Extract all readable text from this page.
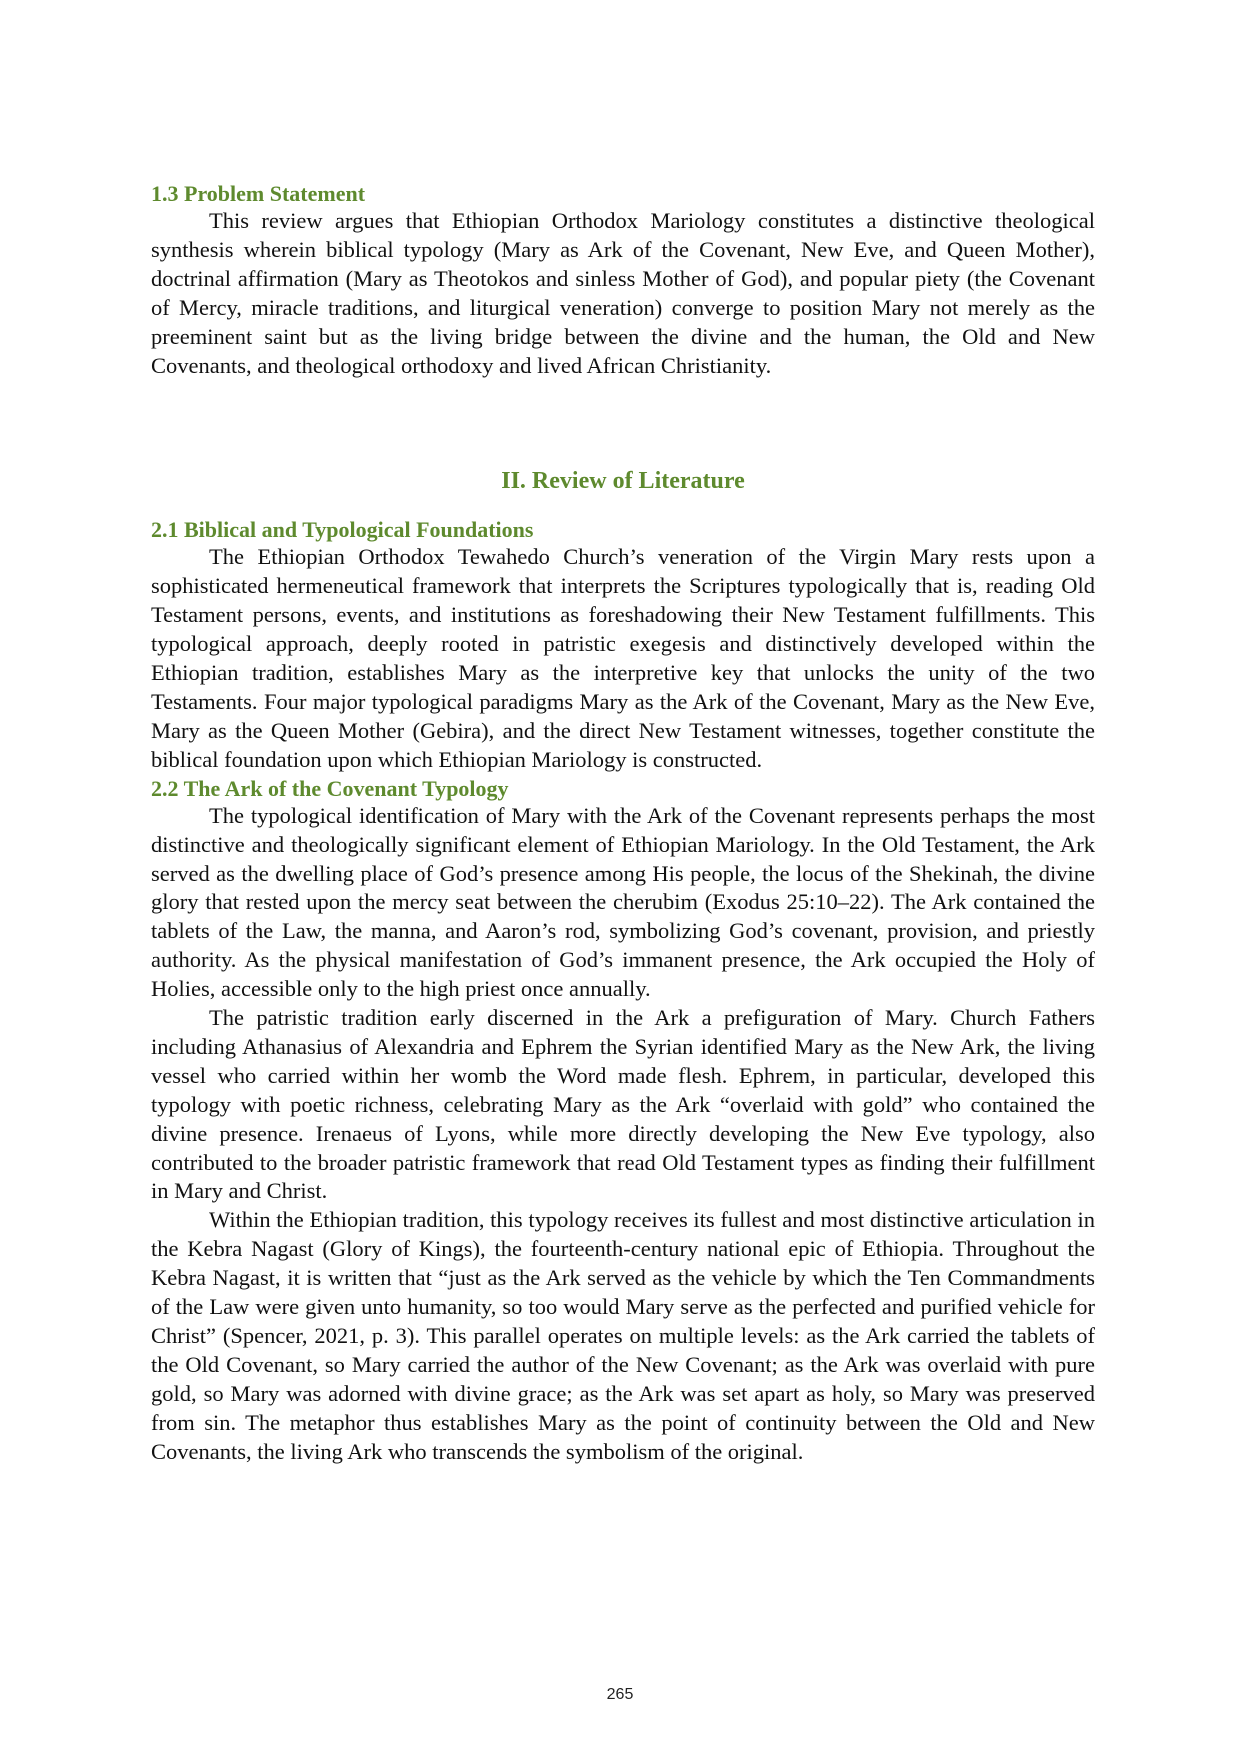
1.3 Problem Statement

This review argues that Ethiopian Orthodox Mariology constitutes a distinctive theological synthesis wherein biblical typology (Mary as Ark of the Covenant, New Eve, and Queen Mother), doctrinal affirmation (Mary as Theotokos and sinless Mother of God), and popular piety (the Covenant of Mercy, miracle traditions, and liturgical veneration) converge to position Mary not merely as the preeminent saint but as the living bridge between the divine and the human, the Old and New Covenants, and theological orthodoxy and lived African Christianity.

II. Review of Literature
2.1 Biblical and Typological Foundations

The Ethiopian Orthodox Tewahedo Church’s veneration of the Virgin Mary rests upon a sophisticated hermeneutical framework that interprets the Scriptures typologically that is, reading Old Testament persons, events, and institutions as foreshadowing their New Testament fulfillments. This typological approach, deeply rooted in patristic exegesis and distinctively developed within the Ethiopian tradition, establishes Mary as the interpretive key that unlocks the unity of the two Testaments. Four major typological paradigms Mary as the Ark of the Covenant, Mary as the New Eve, Mary as the Queen Mother (Gebira), and the direct New Testament witnesses, together constitute the biblical foundation upon which Ethiopian Mariology is constructed.

2.2 The Ark of the Covenant Typology

The typological identification of Mary with the Ark of the Covenant represents perhaps the most distinctive and theologically significant element of Ethiopian Mariology. In the Old Testament, the Ark served as the dwelling place of God’s presence among His people, the locus of the Shekinah, the divine glory that rested upon the mercy seat between the cherubim (Exodus 25:10–22). The Ark contained the tablets of the Law, the manna, and Aaron’s rod, symbolizing God’s covenant, provision, and priestly authority. As the physical manifestation of God’s immanent presence, the Ark occupied the Holy of Holies, accessible only to the high priest once annually.

The patristic tradition early discerned in the Ark a prefiguration of Mary. Church Fathers including Athanasius of Alexandria and Ephrem the Syrian identified Mary as the New Ark, the living vessel who carried within her womb the Word made flesh. Ephrem, in particular, developed this typology with poetic richness, celebrating Mary as the Ark “overlaid with gold” who contained the divine presence. Irenaeus of Lyons, while more directly developing the New Eve typology, also contributed to the broader patristic framework that read Old Testament types as finding their fulfillment in Mary and Christ.

Within the Ethiopian tradition, this typology receives its fullest and most distinctive articulation in the Kebra Nagast (Glory of Kings), the fourteenth-century national epic of Ethiopia. Throughout the Kebra Nagast, it is written that “just as the Ark served as the vehicle by which the Ten Commandments of the Law were given unto humanity, so too would Mary serve as the perfected and purified vehicle for Christ” (Spencer, 2021, p. 3). This parallel operates on multiple levels: as the Ark carried the tablets of the Old Covenant, so Mary carried the author of the New Covenant; as the Ark was overlaid with pure gold, so Mary was adorned with divine grace; as the Ark was set apart as holy, so Mary was preserved from sin. The metaphor thus establishes Mary as the point of continuity between the Old and New Covenants, the living Ark who transcends the symbolism of the original.

265
